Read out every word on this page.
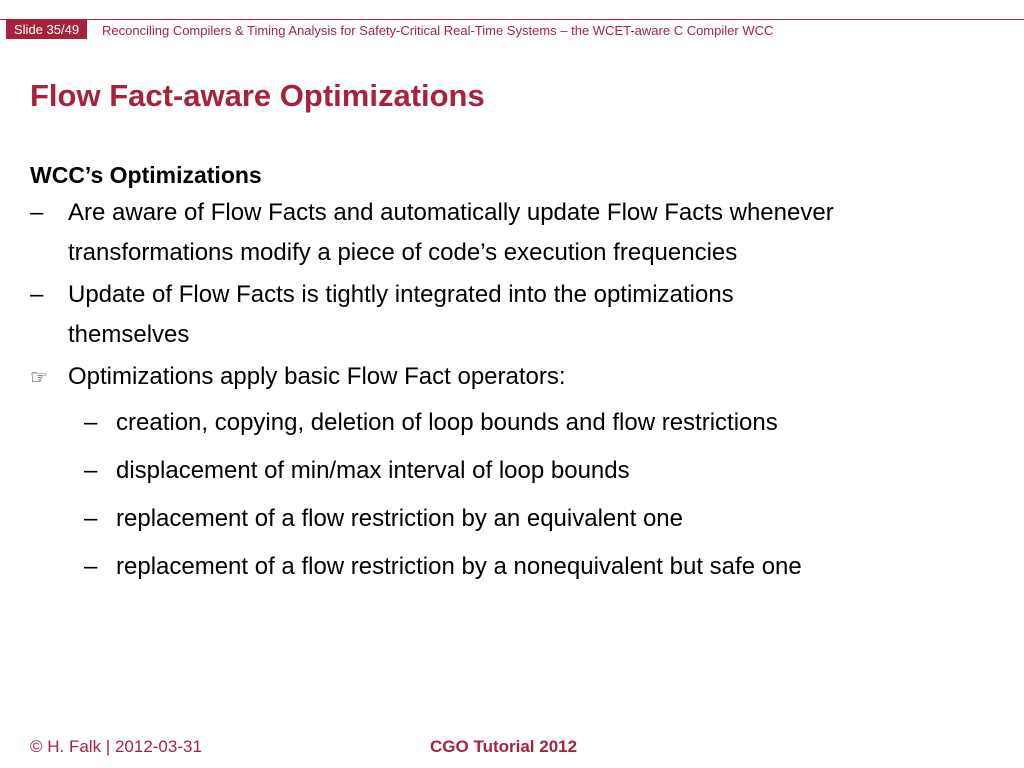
Slide 35/49	Reconciling Compilers & Timing Analysis for Safety-Critical Real-Time Systems – the WCET-aware C Compiler WCC
Flow Fact-aware Optimizations
WCC’s Optimizations
– Are aware of Flow Facts and automatically update Flow Facts whenever
transformations modify a piece of code’s execution frequencies
– Update of Flow Facts is tightly integrated into the optimizations
themselves
☞ Optimizations apply basic Flow Fact operators:
– creation, copying, deletion of loop bounds and flow restrictions
– displacement of min/max interval of loop bounds
– replacement of a flow restriction by an equivalent one
– replacement of a flow restriction by a nonequivalent but safe one
© H. Falk | 2012-03-31	CGO Tutorial 2012
